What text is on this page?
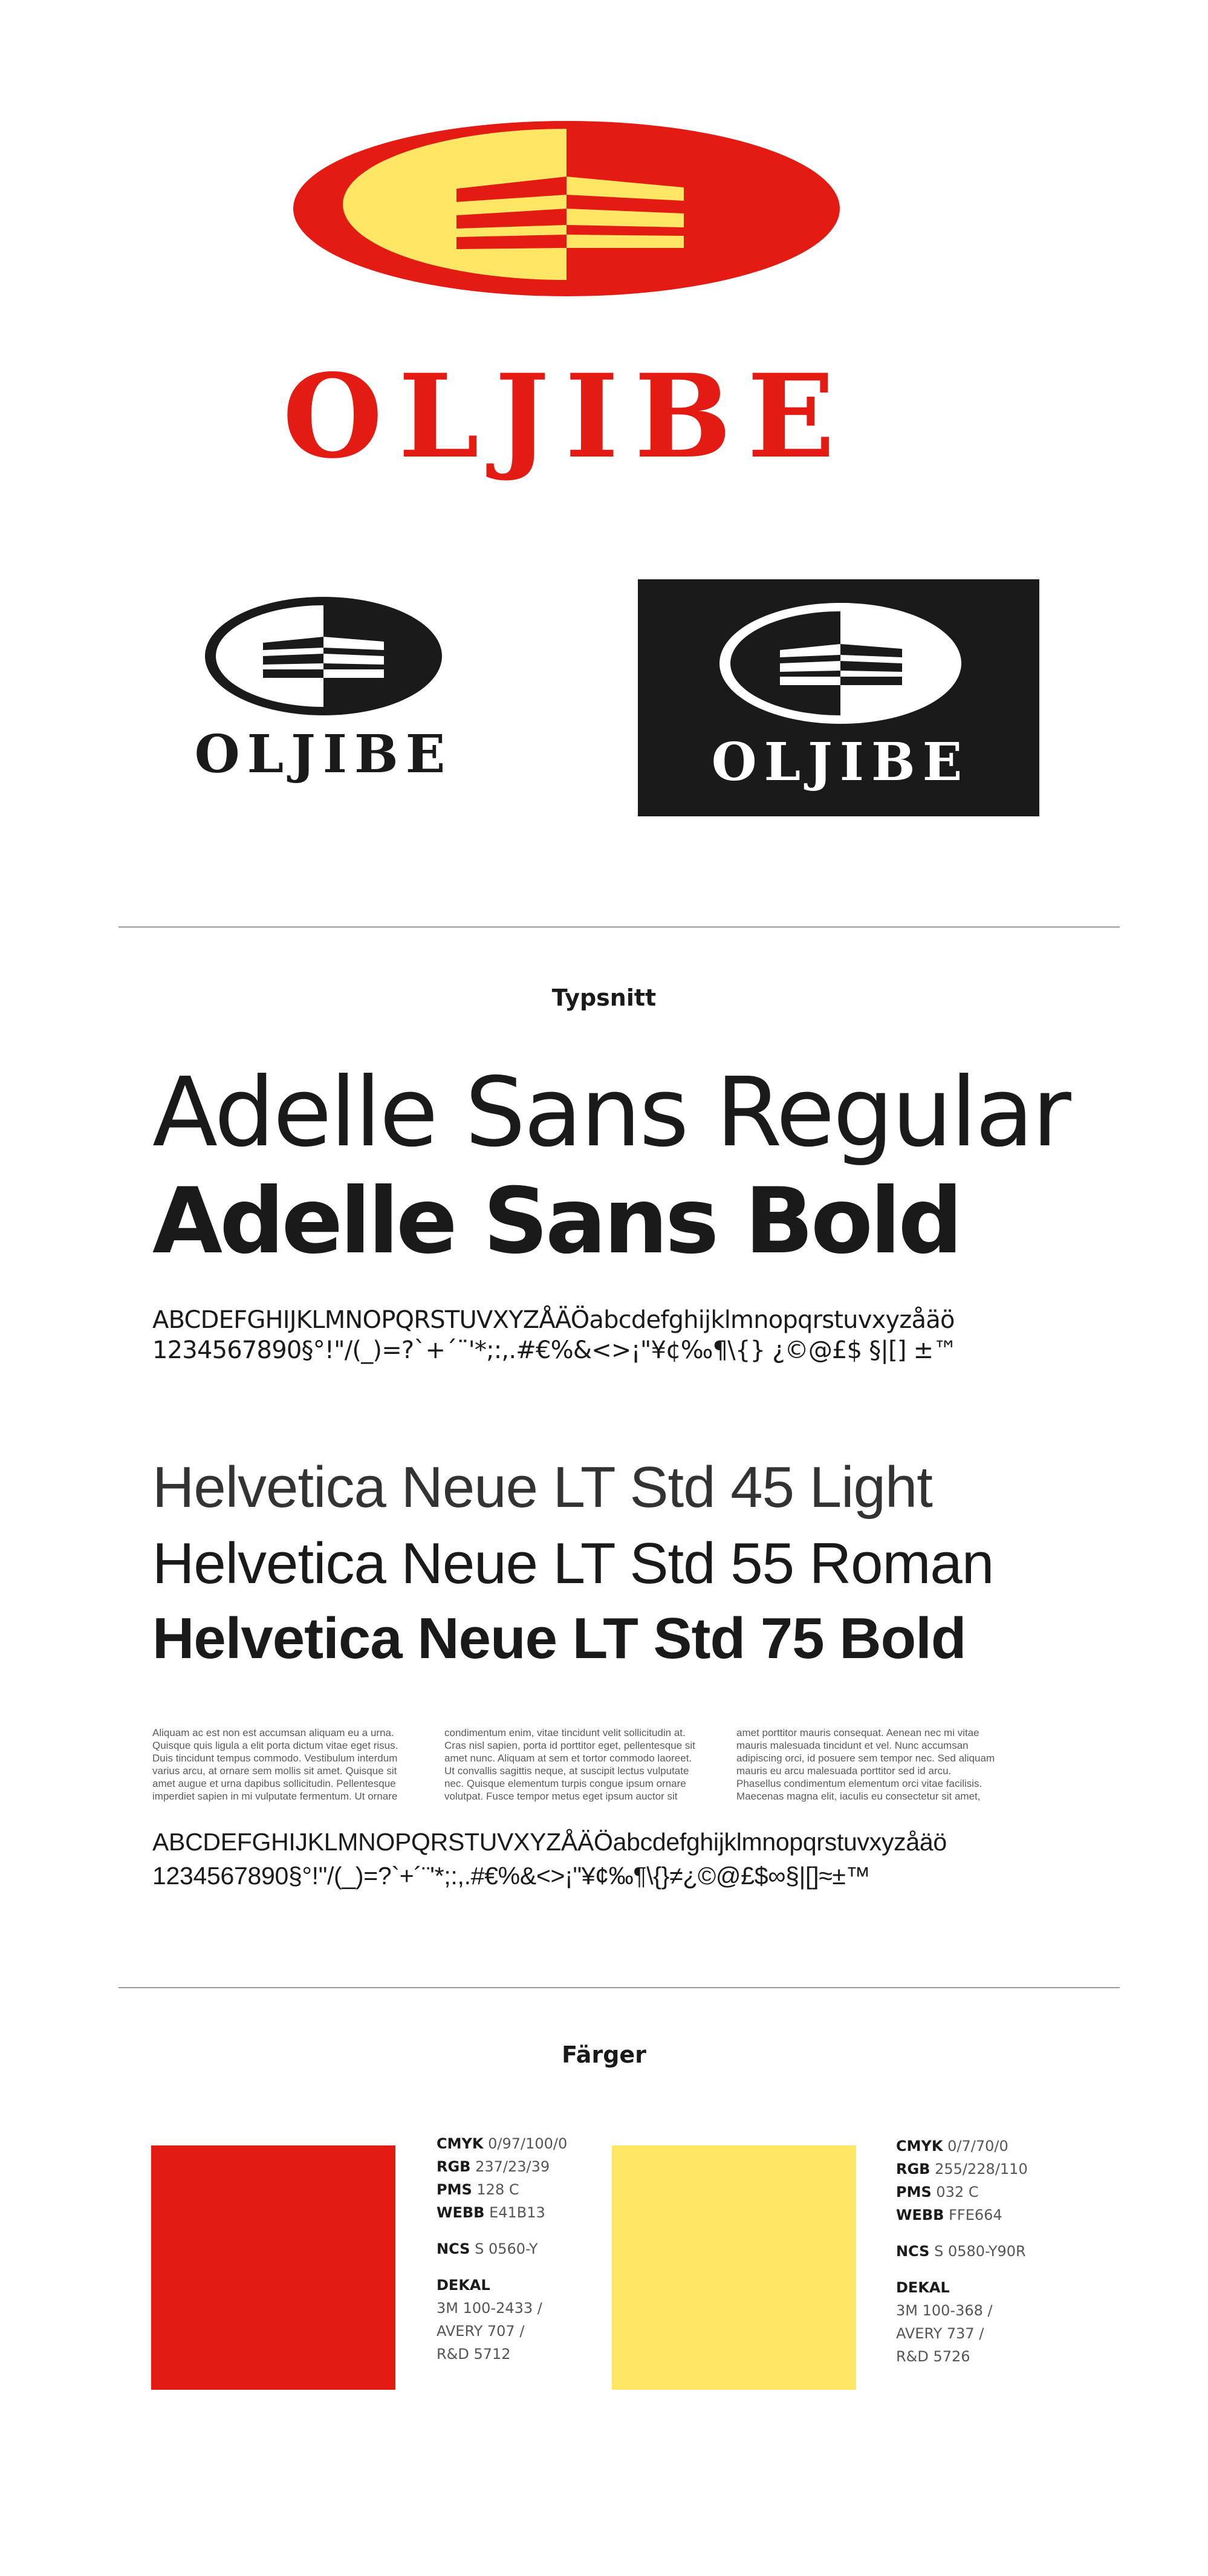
OLJIBE
OLJIBE	OLJIBE
Typsnitt
Adelle Sans Regular
Adelle Sans Bold
ABCDEFGHIJKLMNOPQRSTUVXYZÅÄÖabcdefghijklmnopqrstuvxyzåäö
1234567890§°!"/(_)=?`+´¨'*;:,.#€%&<>¡"¥¢‰¶\{} ¿©@£$ §|[] ±™
Helvetica Neue LT Std 45 Light
Helvetica Neue LT Std 55 Roman
Helvetica Neue LT Std 75 Bold
Aliquam ac est non est accumsan aliquam eu a urna. Quisque quis ligula a elit porta dictum vitae eget risus. Duis tincidunt tempus commodo. Vestibulum interdum varius arcu, at ornare sem mollis sit amet. Quisque sit amet augue et urna dapibus sollicitudin. Pellentesque imperdiet sapien in mi vulputate fermentum. Ut ornare
condimentum enim, vitae tincidunt velit sollicitudin at. Cras nisl sapien, porta id porttitor eget, pellentesque sit amet nunc. Aliquam at sem et tortor commodo laoreet. Ut convallis sagittis neque, at suscipit lectus vulputate nec. Quisque elementum turpis congue ipsum ornare volutpat. Fusce tempor metus eget ipsum auctor sit
amet porttitor mauris consequat. Aenean nec mi vitae mauris malesuada tincidunt et vel. Nunc accumsan adipiscing orci, id posuere sem tempor nec. Sed aliquam mauris eu arcu malesuada porttitor sed id arcu. Phasellus condimentum elementum orci vitae facilisis. Maecenas magna elit, iaculis eu consectetur sit amet,
ABCDEFGHIJKLMNOPQRSTUVXYZÅÄÖabcdefghijklmnopqrstuvxyzåäö
1234567890§°!"/(_)=?`+´¨'*;:,.#€%&<>¡"¥¢‰¶\{}≠¿©@£$∞§|[]≈±™
Färger
CMYK 0/97/100/0
RGB 237/23/39
PMS 128 C
WEBB E41B13
NCS S 0560-Y
DEKAL
3M 100-2433 /
AVERY 707 /
R&D 5712
CMYK 0/7/70/0
RGB 255/228/110
PMS 032 C
WEBB FFE664
NCS S 0580-Y90R
DEKAL
3M 100-368 /
AVERY 737 /
R&D 5726
